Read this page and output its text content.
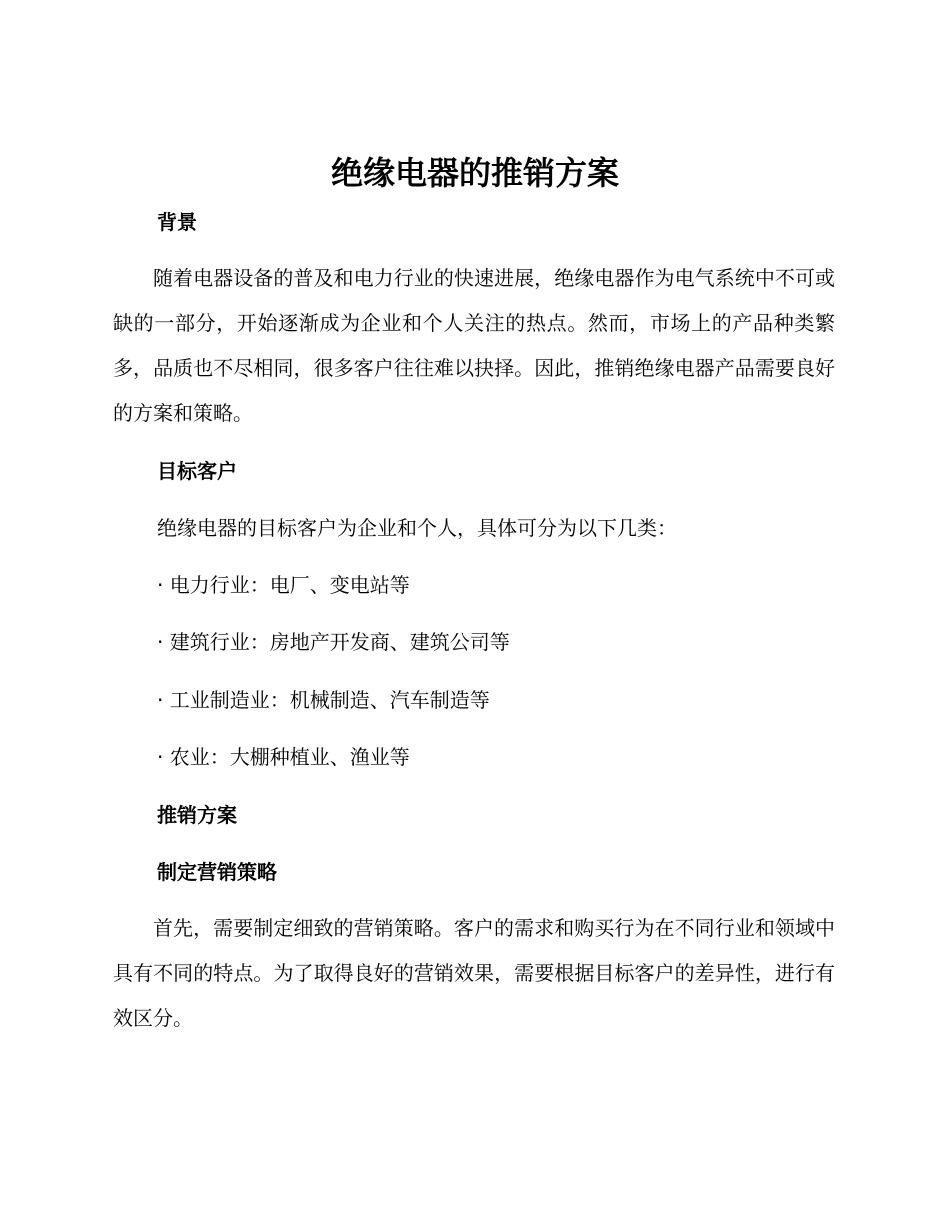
绝缘电器的推销方案
背景

随着电器设备的普及和电力行业的快速进展，绝缘电器作为电气系统中不可或缺的一部分，开始逐渐成为企业和个人关注的热点。然而，市场上的产品种类繁多，品质也不尽相同，很多客户往往难以抉择。因此，推销绝缘电器产品需要良好的方案和策略。

目标客户

绝缘电器的目标客户为企业和个人，具体可分为以下几类：

· 电力行业：电厂、变电站等

· 建筑行业：房地产开发商、建筑公司等

· 工业制造业：机械制造、汽车制造等

· 农业：大棚种植业、渔业等

推销方案
制定营销策略

首先，需要制定细致的营销策略。客户的需求和购买行为在不同行业和领域中具有不同的特点。为了取得良好的营销效果，需要根据目标客户的差异性，进行有效区分。
